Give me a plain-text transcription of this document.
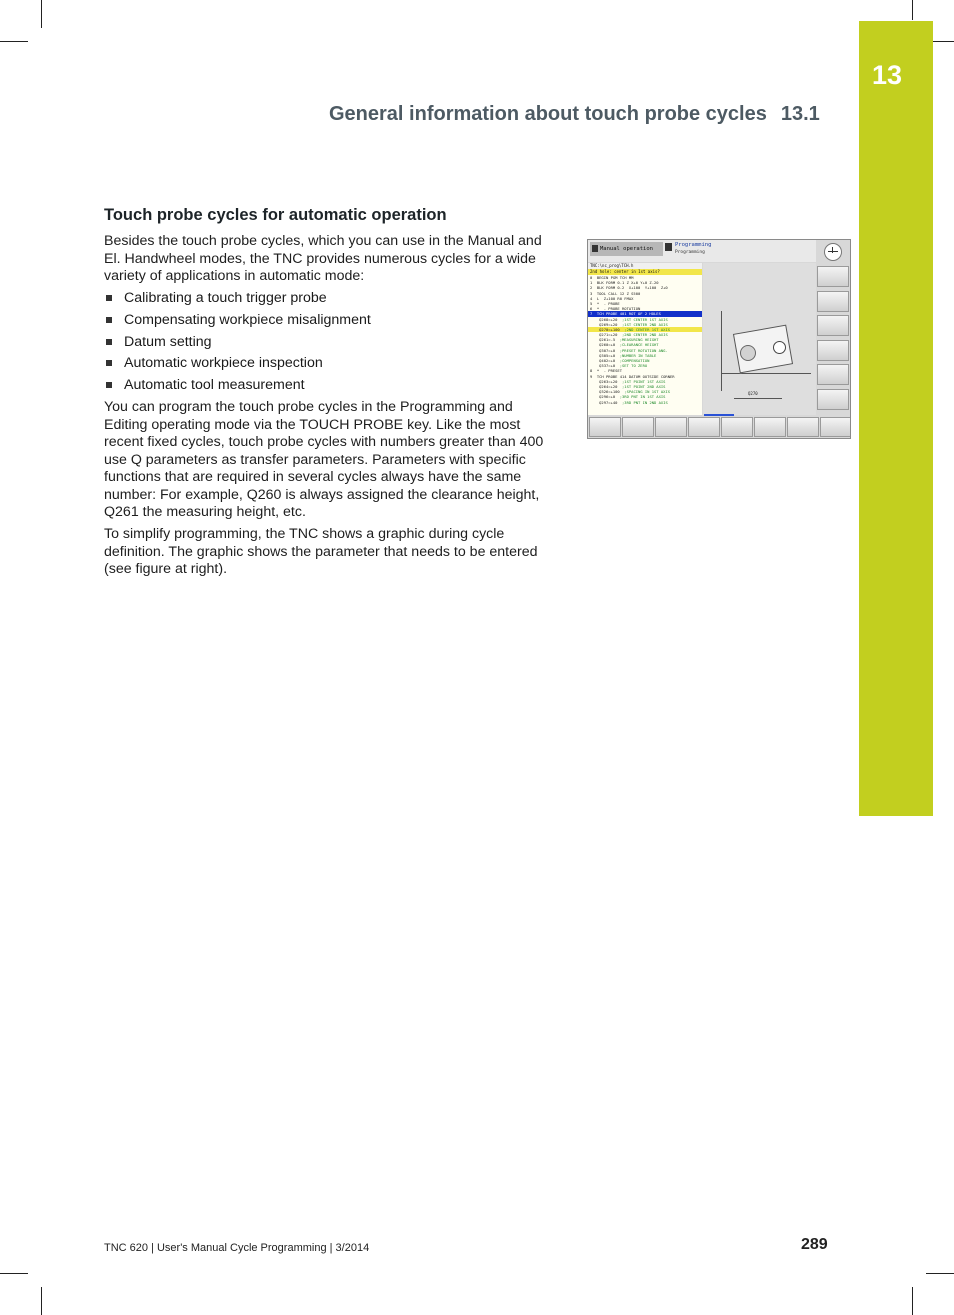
13
General information about touch probe cycles 13.1
Touch probe cycles for automatic operation
Besides the touch probe cycles, which you can use in the Manual and El. Handwheel modes, the TNC provides numerous cycles for a wide variety of applications in automatic mode:
Calibrating a touch trigger probe
Compensating workpiece misalignment
Datum setting
Automatic workpiece inspection
Automatic tool measurement
You can program the touch probe cycles in the Programming and Editing operating mode via the TOUCH PROBE key. Like the most recent fixed cycles, touch probe cycles with numbers greater than 400 use Q parameters as transfer parameters. Parameters with specific functions that are required in several cycles always have the same number: For example, Q260 is always assigned the clearance height, Q261 the measuring height, etc.
To simplify programming, the TNC shows a graphic during cycle definition. The graphic shows the parameter that needs to be entered (see figure at right).
Manual operation
Programming
Programming
TNC:\nc_prog\TCH.h
2nd hole: center in 1st axis?
0  BEGIN PGM TCH MM
1  BLK FORM 0.1 Z X+0 Y+0 Z-20
2  BLK FORM 0.2  X+100  Y+100  Z+0
3  TOOL CALL 12 Z S500
4  L  Z+100 R0 FMAX
5  *  - PROBE
6  *  - PROBE ROTATION
7  TCH PROBE 401 ROT OF 2 HOLES
Q268=+20 ;1ST CENTER 1ST AXIS
Q269=+20 ;1ST CENTER 2ND AXIS
Q270=+100 ;2ND CENTER 1ST AXIS
Q271=+20 ;2ND CENTER 2ND AXIS
Q261=-5 ;MEASURING HEIGHT
Q260=+0 ;CLEARANCE HEIGHT
Q307=+0 ;PRESET ROTATION ANG.
Q305=+0 ;NUMBER IN TABLE
Q402=+0 ;COMPENSATION
Q337=+0 ;SET TO ZERO
8  *  - PRESET
9  TCH PROBE 414 DATUM OUTSIDE CORNER
Q263=+20 ;1ST POINT 1ST AXIS
Q264=+20 ;1ST POINT 2ND AXIS
Q326=+100 ;SPACING IN 1ST AXIS
Q296=+0 ;3RD PNT IN 1ST AXIS
Q297=+40 ;3RD PNT IN 2ND AXIS
Q270
TNC 620 | User's Manual Cycle Programming | 3/2014	289
